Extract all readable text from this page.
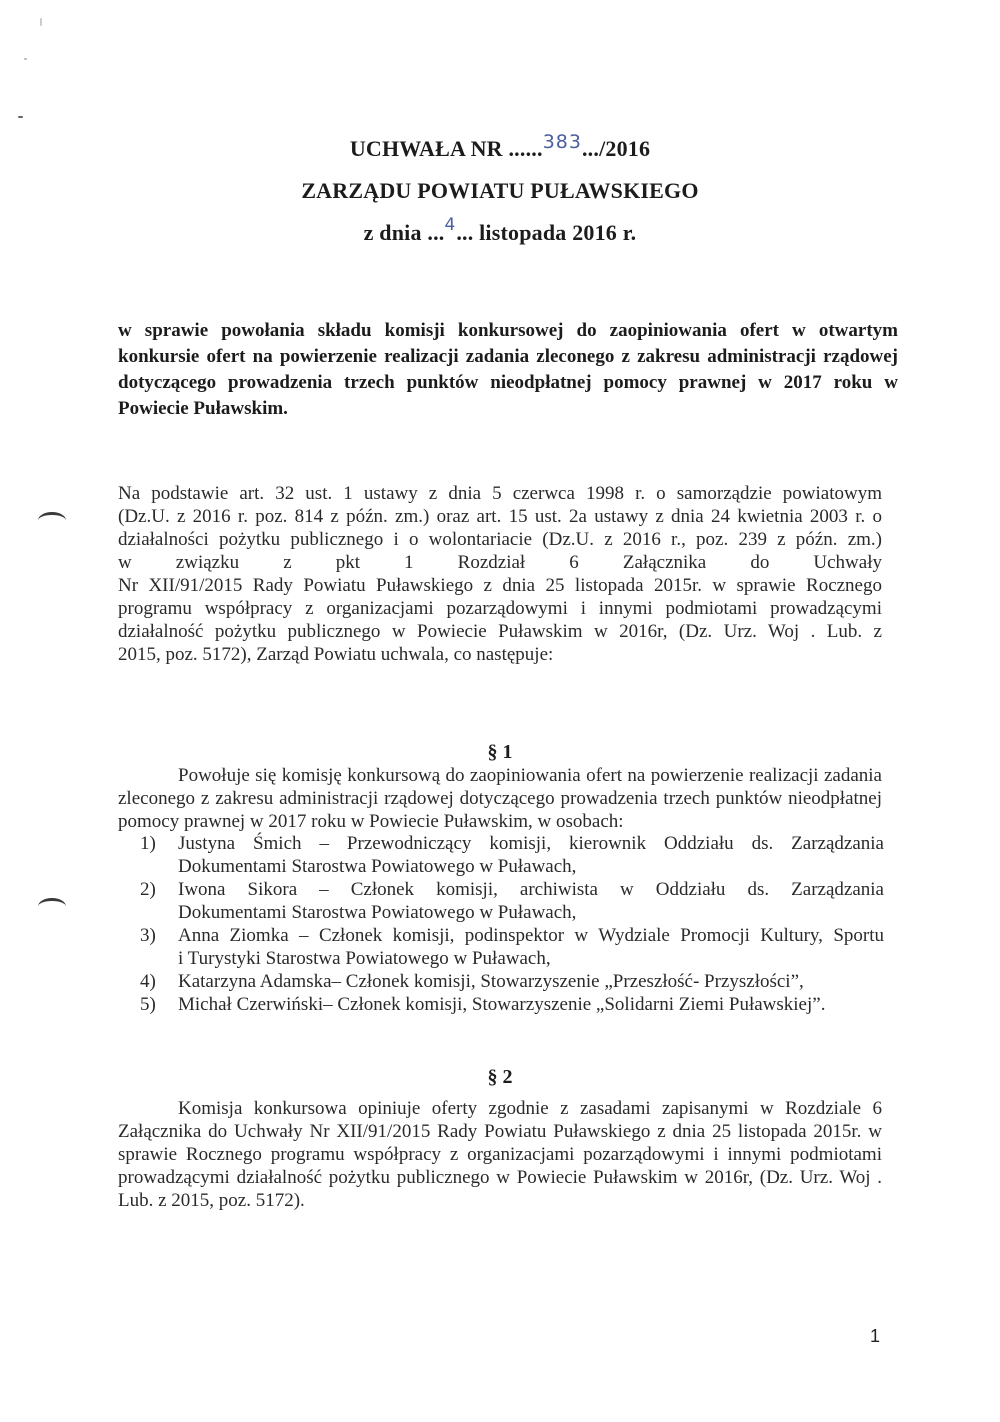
UCHWAŁA NR ......383.../2016
ZARZĄDU POWIATU PUŁAWSKIEGO
z dnia ...$^4$... listopada 2016 r.
w sprawie powołania składu komisji konkursowej do zaopiniowania ofert w otwartym konkursie ofert na powierzenie realizacji zadania zleconego z zakresu administracji rządowej dotyczącego prowadzenia trzech punktów nieodpłatnej pomocy prawnej w 2017 roku w Powiecie Puławskim.
Na podstawie art. 32 ust. 1 ustawy z dnia 5 czerwca 1998 r. o samorządzie powiatowym
(Dz.U. z 2016 r. poz. 814 z późn. zm.) oraz art. 15 ust. 2a ustawy z dnia 24 kwietnia 2003 r. o
działalności pożytku publicznego i o wolontariacie (Dz.U. z 2016 r., poz. 239 z późn. zm.)
w związku z pkt 1 Rozdział 6 Załącznika do Uchwały
Nr XII/91/2015 Rady Powiatu Puławskiego z dnia 25 listopada 2015r. w sprawie Rocznego
programu współpracy z organizacjami pozarządowymi i innymi podmiotami prowadzącymi
działalność pożytku publicznego w Powiecie Puławskim w 2016r, (Dz. Urz. Woj . Lub. z
2015, poz. 5172), Zarząd Powiatu uchwala, co następuje:
§ 1
Powołuje się komisję konkursową do zaopiniowania ofert na powierzenie realizacji zadania zleconego z zakresu administracji rządowej dotyczącego prowadzenia trzech punktów nieodpłatnej pomocy prawnej w 2017 roku w Powiecie Puławskim, w osobach:
1)	Justyna Śmich – Przewodniczący komisji, kierownik Oddziału ds. Zarządzania
Dokumentami Starostwa Powiatowego w Puławach,
2)	Iwona Sikora – Członek komisji, archiwista w Oddziału ds. Zarządzania
Dokumentami Starostwa Powiatowego w Puławach,
3)	Anna Ziomka – Członek komisji, podinspektor w Wydziale Promocji Kultury, Sportu
i Turystyki Starostwa Powiatowego w Puławach,
4)	Katarzyna Adamska– Członek komisji, Stowarzyszenie „Przeszłość- Przyszłości”,
5)	Michał Czerwiński– Członek komisji, Stowarzyszenie „Solidarni Ziemi Puławskiej”.
§ 2
Komisja konkursowa opiniuje oferty zgodnie z zasadami zapisanymi w Rozdziale 6 Załącznika do Uchwały Nr XII/91/2015 Rady Powiatu Puławskiego z dnia 25 listopada 2015r. w sprawie Rocznego programu współpracy z organizacjami pozarządowymi i innymi podmiotami prowadzącymi działalność pożytku publicznego w Powiecie Puławskim w 2016r, (Dz. Urz. Woj . Lub. z 2015, poz. 5172).
1
